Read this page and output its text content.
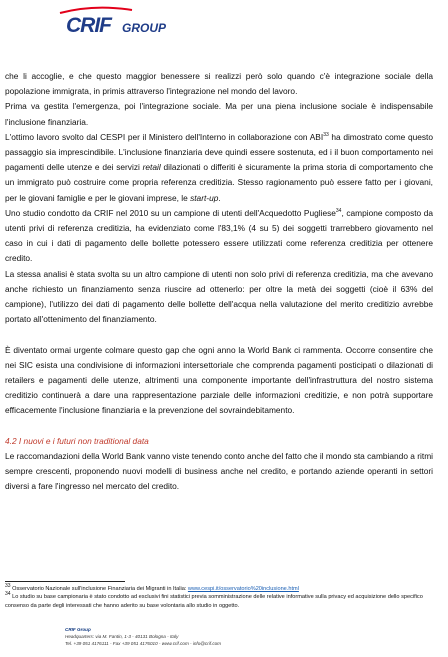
CRIF GROUP

che li accoglie, e che questo maggior benessere si realizzi però solo quando c'è integrazione sociale della popolazione immigrata, in primis attraverso l'integrazione nel mondo del lavoro.

Prima va gestita l'emergenza, poi l'integrazione sociale. Ma per una piena inclusione sociale è indispensabile l'inclusione finanziaria.

L'ottimo lavoro svolto dal CESPI per il Ministero dell'Interno in collaborazione con ABI$^{33}$ ha dimostrato come questo passaggio sia imprescindibile. L'inclusione finanziaria deve quindi essere sostenuta, ed i il buon comportamento nei pagamenti delle utenze e dei servizi retail dilazionati o differiti è sicuramente la prima storia di comportamento che un immigrato può costruire come propria referenza creditizia. Stesso ragionamento può essere fatto per i giovani, per le giovani famiglie e per le giovani imprese, le start-up.

Uno studio condotto da CRIF nel 2010 su un campione di utenti dell'Acquedotto Pugliese$^{34}$, campione composto da utenti privi di referenza creditizia, ha evidenziato come l'83,1% (4 su 5) dei soggetti trarrebbero giovamento nel caso in cui i dati di pagamento delle bollette potessero essere utilizzati come referenza creditizia per ottenere credito.

La stessa analisi è stata svolta su un altro campione di utenti non solo privi di referenza creditizia, ma che avevano anche richiesto un finanziamento senza riuscire ad ottenerlo: per oltre la metà dei soggetti (cioè il 63% del campione), l'utilizzo dei dati di pagamento delle bollette dell'acqua nella valutazione del merito creditizio avrebbe portato all'ottenimento del finanziamento.

È diventato ormai urgente colmare questo gap che ogni anno la World Bank ci rammenta. Occorre consentire che nei SIC esista una condivisione di informazioni intersettoriale che comprenda pagamenti posticipati o dilazionati di retailers e pagamenti delle utenze, altrimenti una componente importante dell'infrastruttura del nostro sistema creditizio continuerà a dare una rappresentazione parziale delle informazioni creditizie, e non potrà supportare efficacemente l'inclusione finanziaria e la prevenzione del sovraindebitamento.

4.2 I nuovi e i futuri non traditional data

Le raccomandazioni della World Bank vanno viste tenendo conto anche del fatto che il mondo sta cambiando a ritmi sempre crescenti, proponendo nuovi modelli di business anche nel credito, e portando aziende operanti in settori diversi a fare l'ingresso nel mercato del credito.

$^{33}$ Osservatorio Nazionale sull'inclusione Finanziaria dei Migranti in Italia: www.cespi.it/osservatorio%20inclusione.html

$^{34}$ Lo studio su base campionaria è stato condotto ad esclusivi fini statistici previa somministrazione delle relative informative sulla privacy ed acquisizione dello specifico consenso da parte degli interessati che hanno aderito su base volontaria allo studio in oggetto.

CRIF Group
Headquarters: via M. Fantin, 1-3 - 40131 Bologna - Italy
Tel. +39 051 4176111 - Fax +39 051 4176010 - www.crif.com - info@crif.com
